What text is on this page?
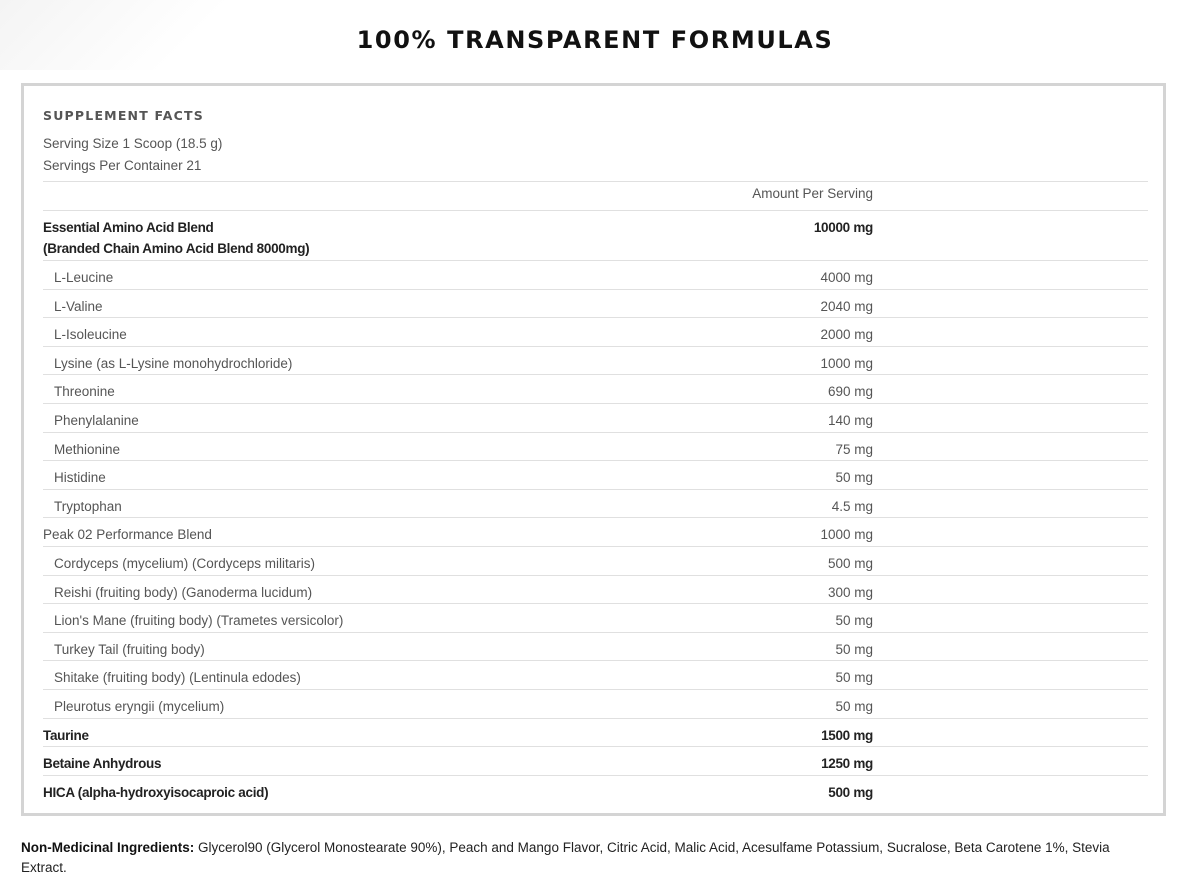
100% TRANSPARENT FORMULAS
SUPPLEMENT FACTS
Serving Size 1 Scoop (18.5 g)
Servings Per Container 21
Amount Per Serving
Essential Amino Acid Blend
(Branded Chain Amino Acid Blend 8000mg)
10000 mg
L-Leucine	4000 mg
L-Valine	2040 mg
L-Isoleucine	2000 mg
Lysine (as L-Lysine monohydrochloride)	1000 mg
Threonine	690 mg
Phenylalanine	140 mg
Methionine	75 mg
Histidine	50 mg
Tryptophan	4.5 mg
Peak 02 Performance Blend	1000 mg
Cordyceps (mycelium) (Cordyceps militaris)	500 mg
Reishi (fruiting body) (Ganoderma lucidum)	300 mg
Lion's Mane (fruiting body) (Trametes versicolor)	50 mg
Turkey Tail (fruiting body)	50 mg
Shitake (fruiting body) (Lentinula edodes)	50 mg
Pleurotus eryngii (mycelium)	50 mg
Taurine	1500 mg
Betaine Anhydrous	1250 mg
HICA (alpha-hydroxyisocaproic acid)	500 mg
Non-Medicinal Ingredients: Glycerol90 (Glycerol Monostearate 90%), Peach and Mango Flavor, Citric Acid, Malic Acid, Acesulfame Potassium, Sucralose, Beta Carotene 1%, Stevia Extract.
